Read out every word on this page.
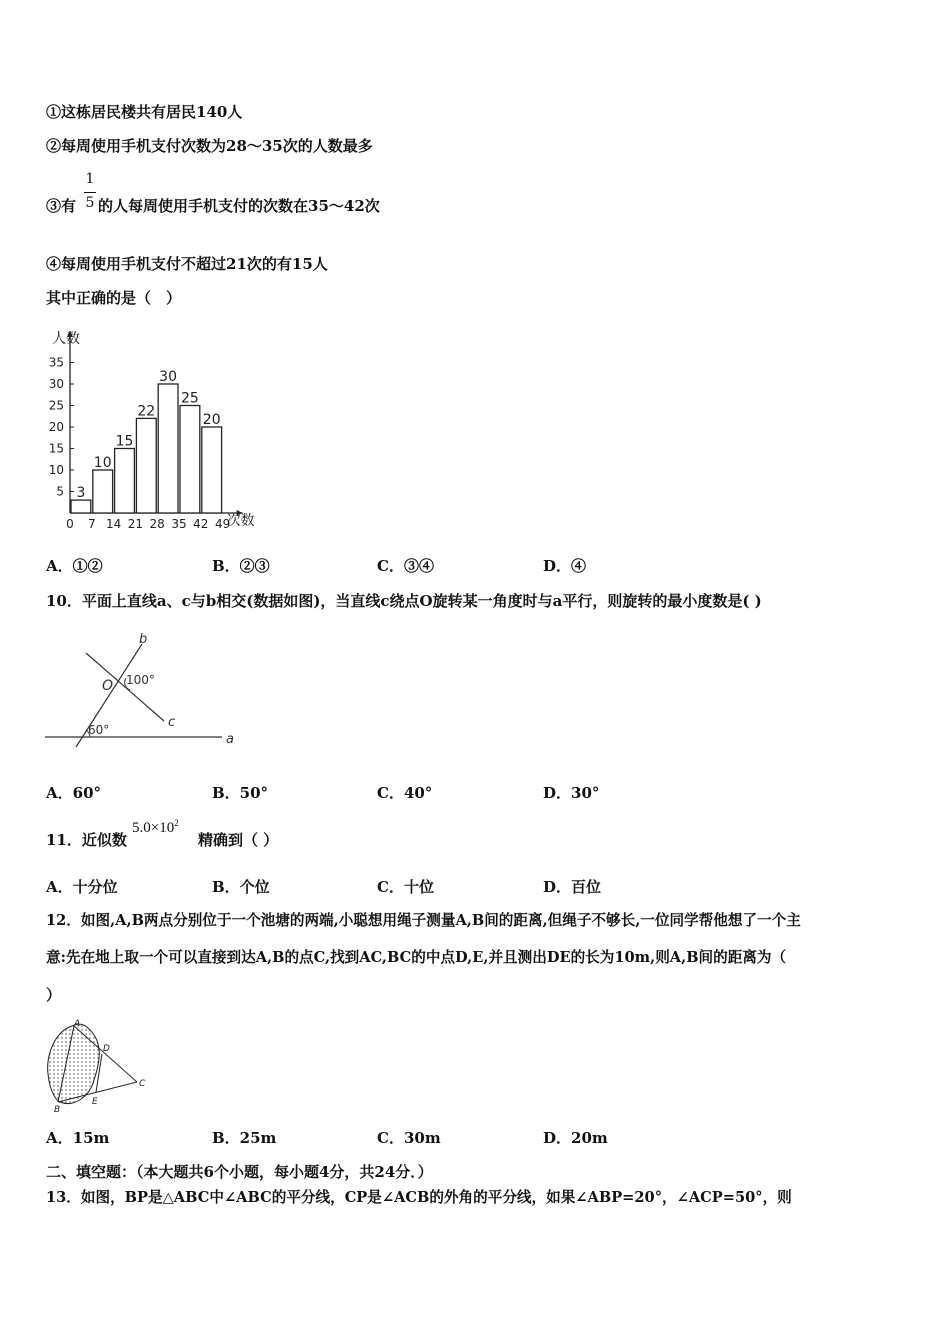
①这栋居民楼共有居民140人
②每周使用手机支付次数为28～35次的人数最多
③有 的人每周使用手机支付的次数在35～42次
1
5
④每周使用手机支付不超过21次的有15人
其中正确的是（　）
人数
次数
5
10
15
20
25
30
35
0 7 14 21 28 35 42 49
3
10
15
22
30
25
20
A．①②	B．②③	C．③④	D．④
10．平面上直线a、c与b相交(数据如图)，当直线c绕点O旋转某一角度时与a平行，则旋转的最小度数是( )
b
O 100°
c
60°
a
A．60°	B．50°	C．40°	D．30°
11．近似数
$5.0\times 10^2$
精确到（ ）
A．十分位	B．个位	C．十位	D．百位
12．如图,A,B两点分别位于一个池塘的两端,小聪想用绳子测量A,B间的距离,但绳子不够长,一位同学帮他想了一个主
意:先在地上取一个可以直接到达A,B的点C,找到AC,BC的中点D,E,并且测出DE的长为10m,则A,B间的距离为（
）
A
B
C
D
E
A．15m	B．25m	C．30m	D．20m
二、填空题：（本大题共6个小题，每小题4分，共24分．）
13．如图，BP是△ABC中∠ABC的平分线，CP是∠ACB的外角的平分线，如果∠ABP=20°，∠ACP=50°，则
